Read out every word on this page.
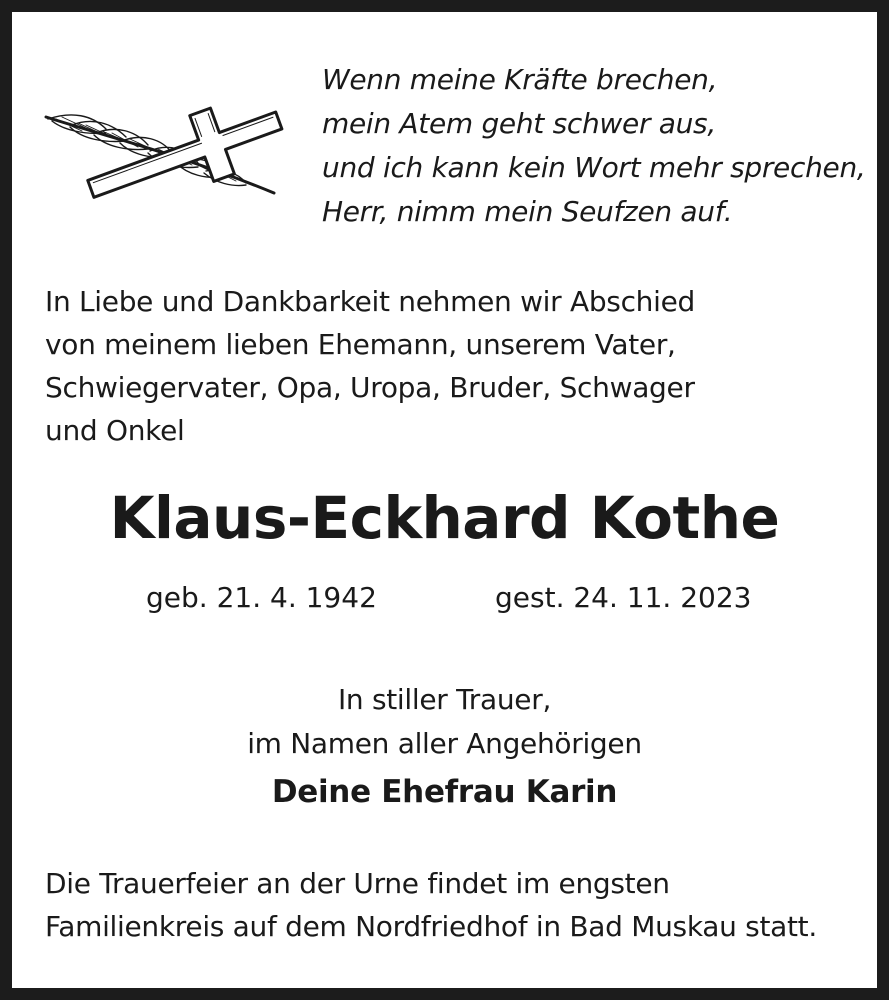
Wenn meine Kräfte brechen,
mein Atem geht schwer aus,
und ich kann kein Wort mehr sprechen,
Herr, nimm mein Seufzen auf.
In Liebe und Dankbarkeit nehmen wir Abschied
von meinem lieben Ehemann, unserem Vater,
Schwiegervater, Opa, Uropa, Bruder, Schwager
und Onkel
Klaus-Eckhard Kothe
geb. 21. 4. 1942	gest. 24. 11. 2023
In stiller Trauer,
im Namen aller Angehörigen
Deine Ehefrau Karin
Die Trauerfeier an der Urne findet im engsten
Familienkreis auf dem Nordfriedhof in Bad Muskau statt.
